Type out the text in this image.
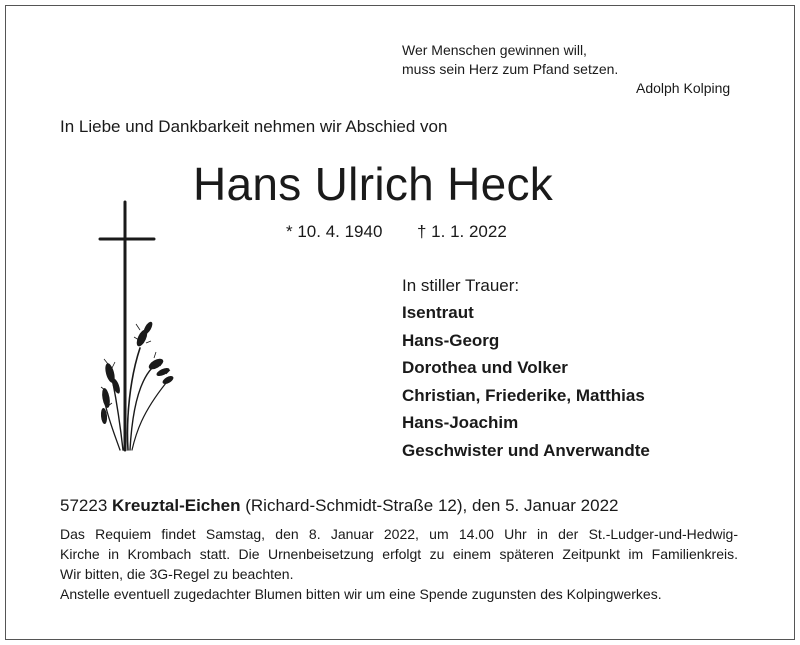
Wer Menschen gewinnen will,
muss sein Herz zum Pfand setzen.
Adolph Kolping
In Liebe und Dankbarkeit nehmen wir Abschied von
Hans Ulrich Heck
* 10. 4. 1940 † 1. 1. 2022
In stiller Trauer:
Isentraut
Hans-Georg
Dorothea und Volker
Christian, Friederike, Matthias
Hans-Joachim
Geschwister und Anverwandte
57223 Kreuztal-Eichen (Richard-Schmidt-Straße 12), den 5. Januar 2022
Das Requiem findet Samstag, den 8. Januar 2022, um 14.00 Uhr in der St.-Ludger-und-Hedwig-
Kirche in Krombach statt. Die Urnenbeisetzung erfolgt zu einem späteren Zeitpunkt im Familienkreis.
Wir bitten, die 3G-Regel zu beachten.
Anstelle eventuell zugedachter Blumen bitten wir um eine Spende zugunsten des Kolpingwerkes.
